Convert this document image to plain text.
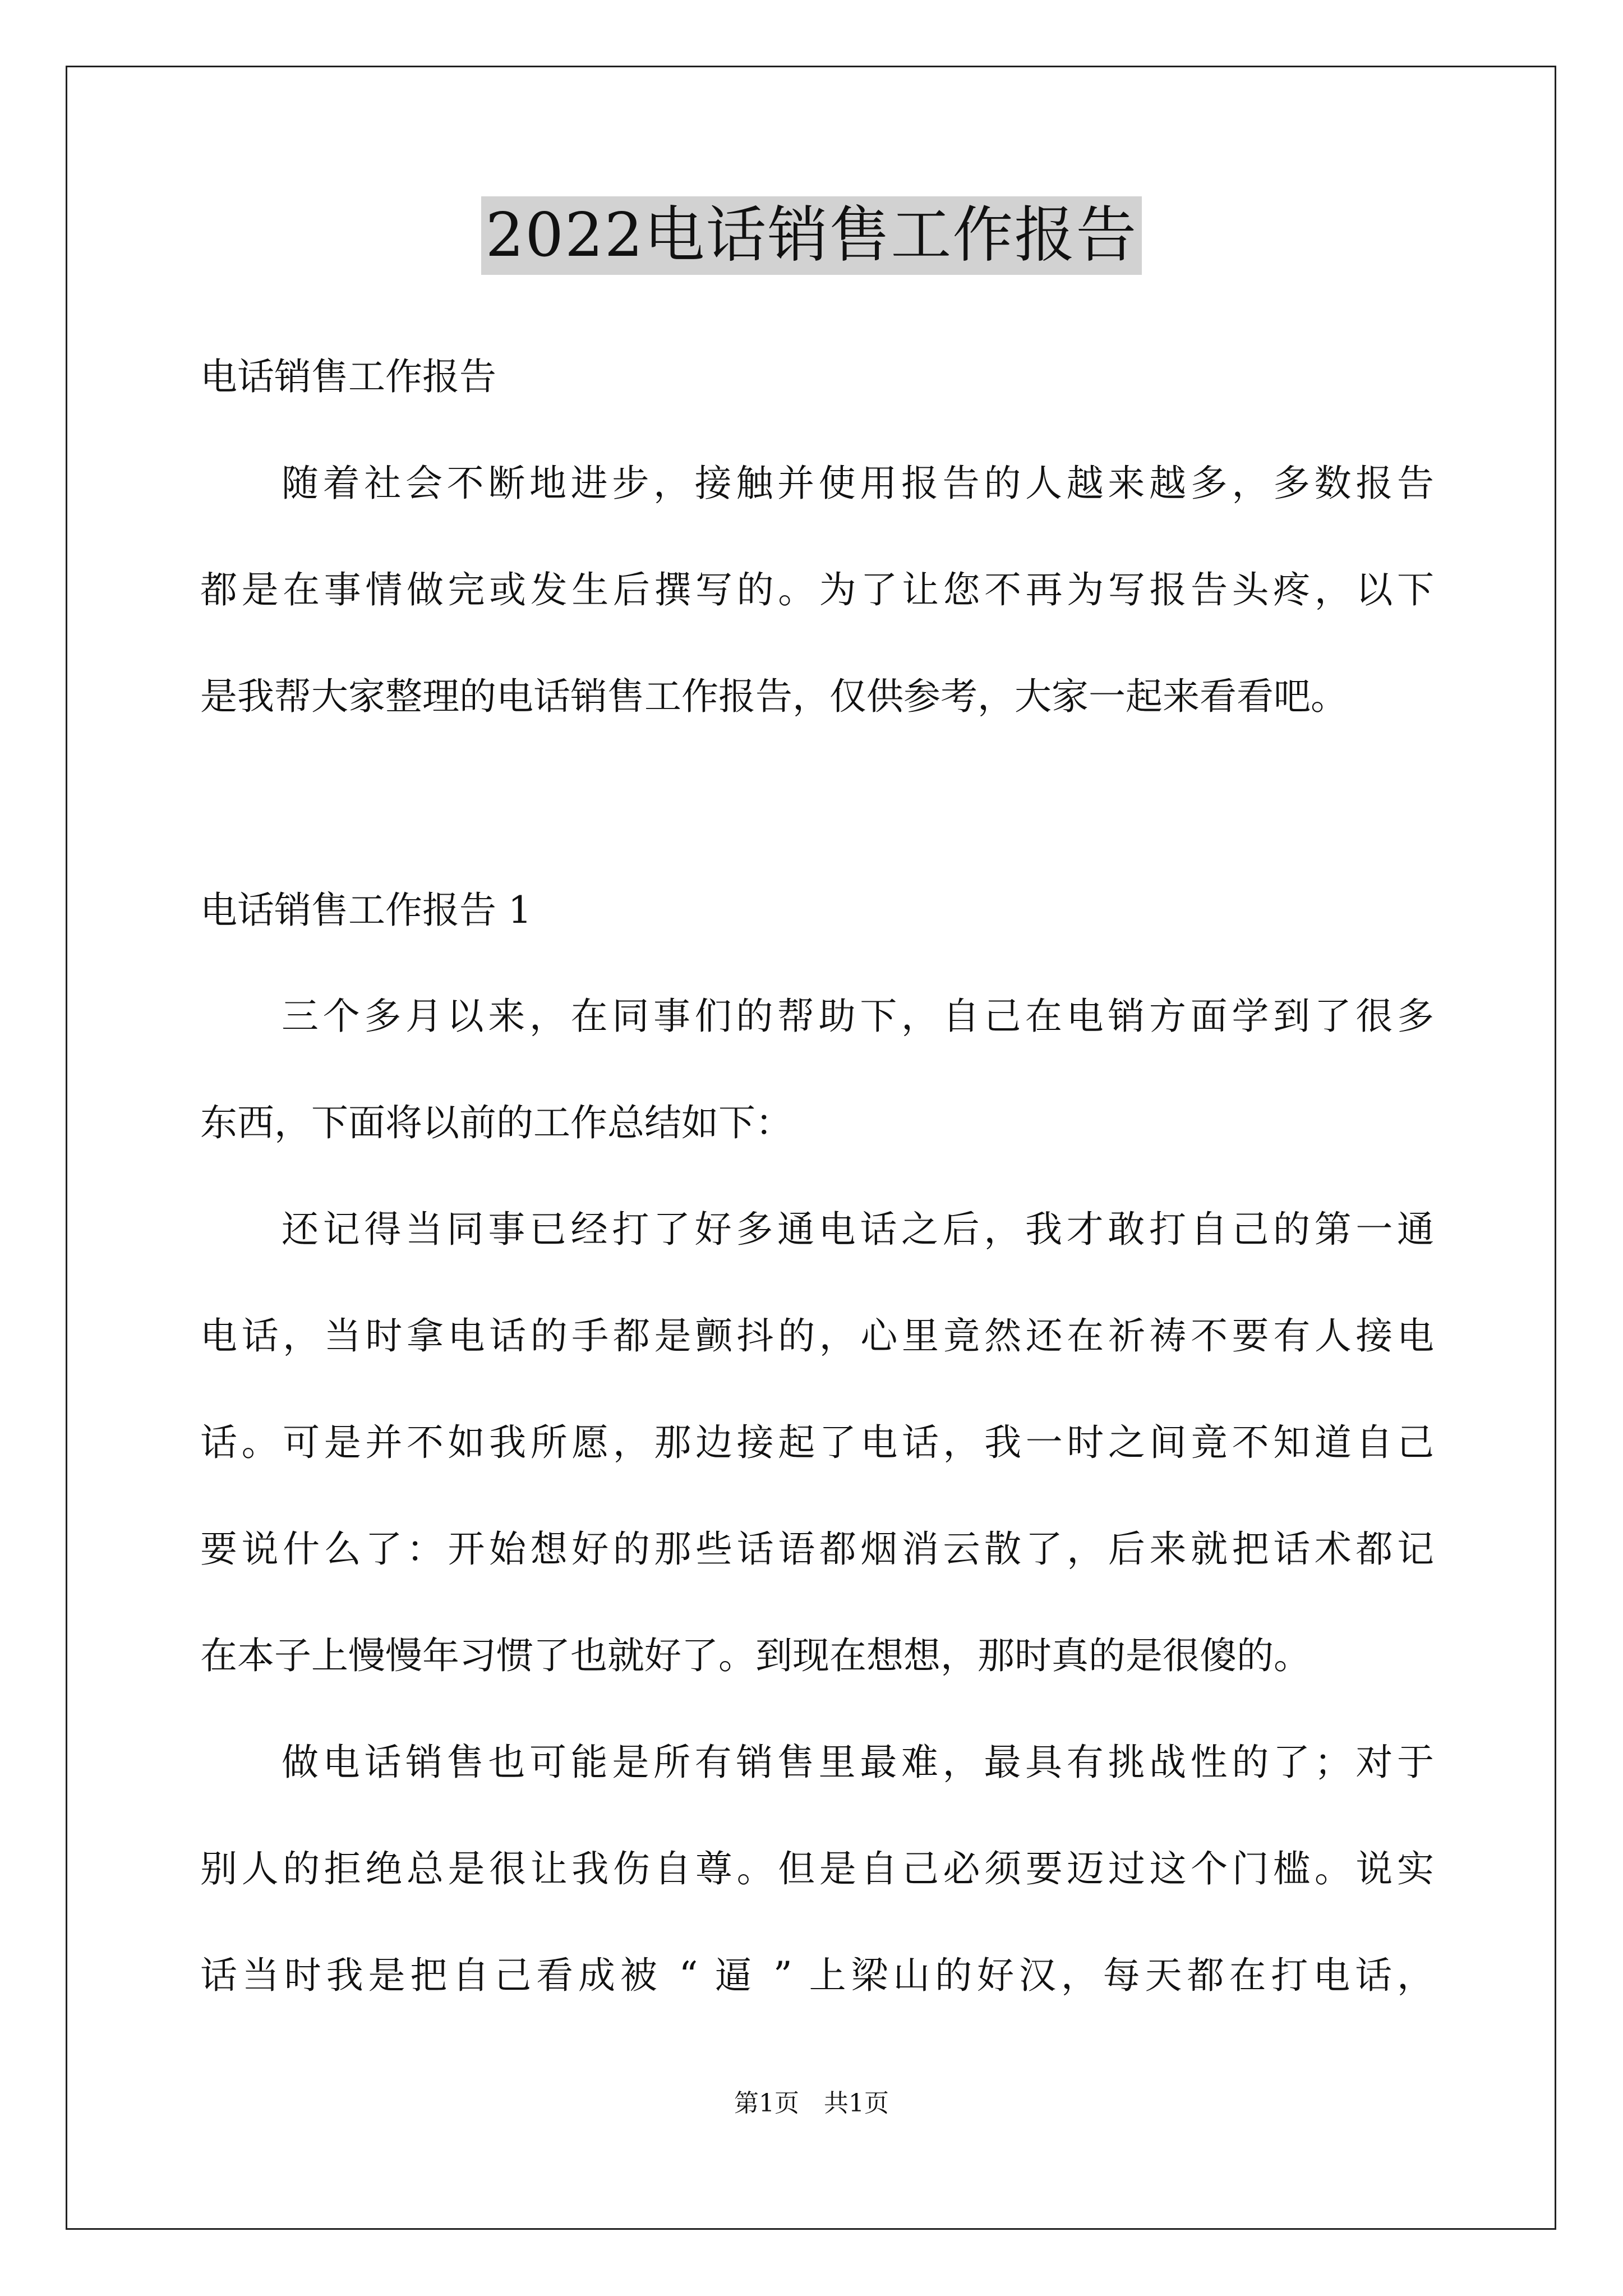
2022电话销售工作报告
电话销售工作报告
随着社会不断地进步，接触并使用报告的人越来越多，多数报告
都是在事情做完或发生后撰写的。为了让您不再为写报告头疼，以下
是我帮大家整理的电话销售工作报告，仅供参考，大家一起来看看吧。
电话销售工作报告 1
三个多月以来，在同事们的帮助下，自己在电销方面学到了很多
东西，下面将以前的工作总结如下：
还记得当同事已经打了好多通电话之后，我才敢打自己的第一通
电话，当时拿电话的手都是颤抖的，心里竟然还在祈祷不要有人接电
话。可是并不如我所愿，那边接起了电话，我一时之间竟不知道自己
要说什么了：开始想好的那些话语都烟消云散了，后来就把话术都记
在本子上慢慢年习惯了也就好了。到现在想想，那时真的是很傻的。
做电话销售也可能是所有销售里最难，最具有挑战性的了；对于
别人的拒绝总是很让我伤自尊。但是自己必须要迈过这个门槛。说实
话当时我是把自己看成被 “ 逼 ” 上梁山的好汉，每天都在打电话，
第1页　共1页
